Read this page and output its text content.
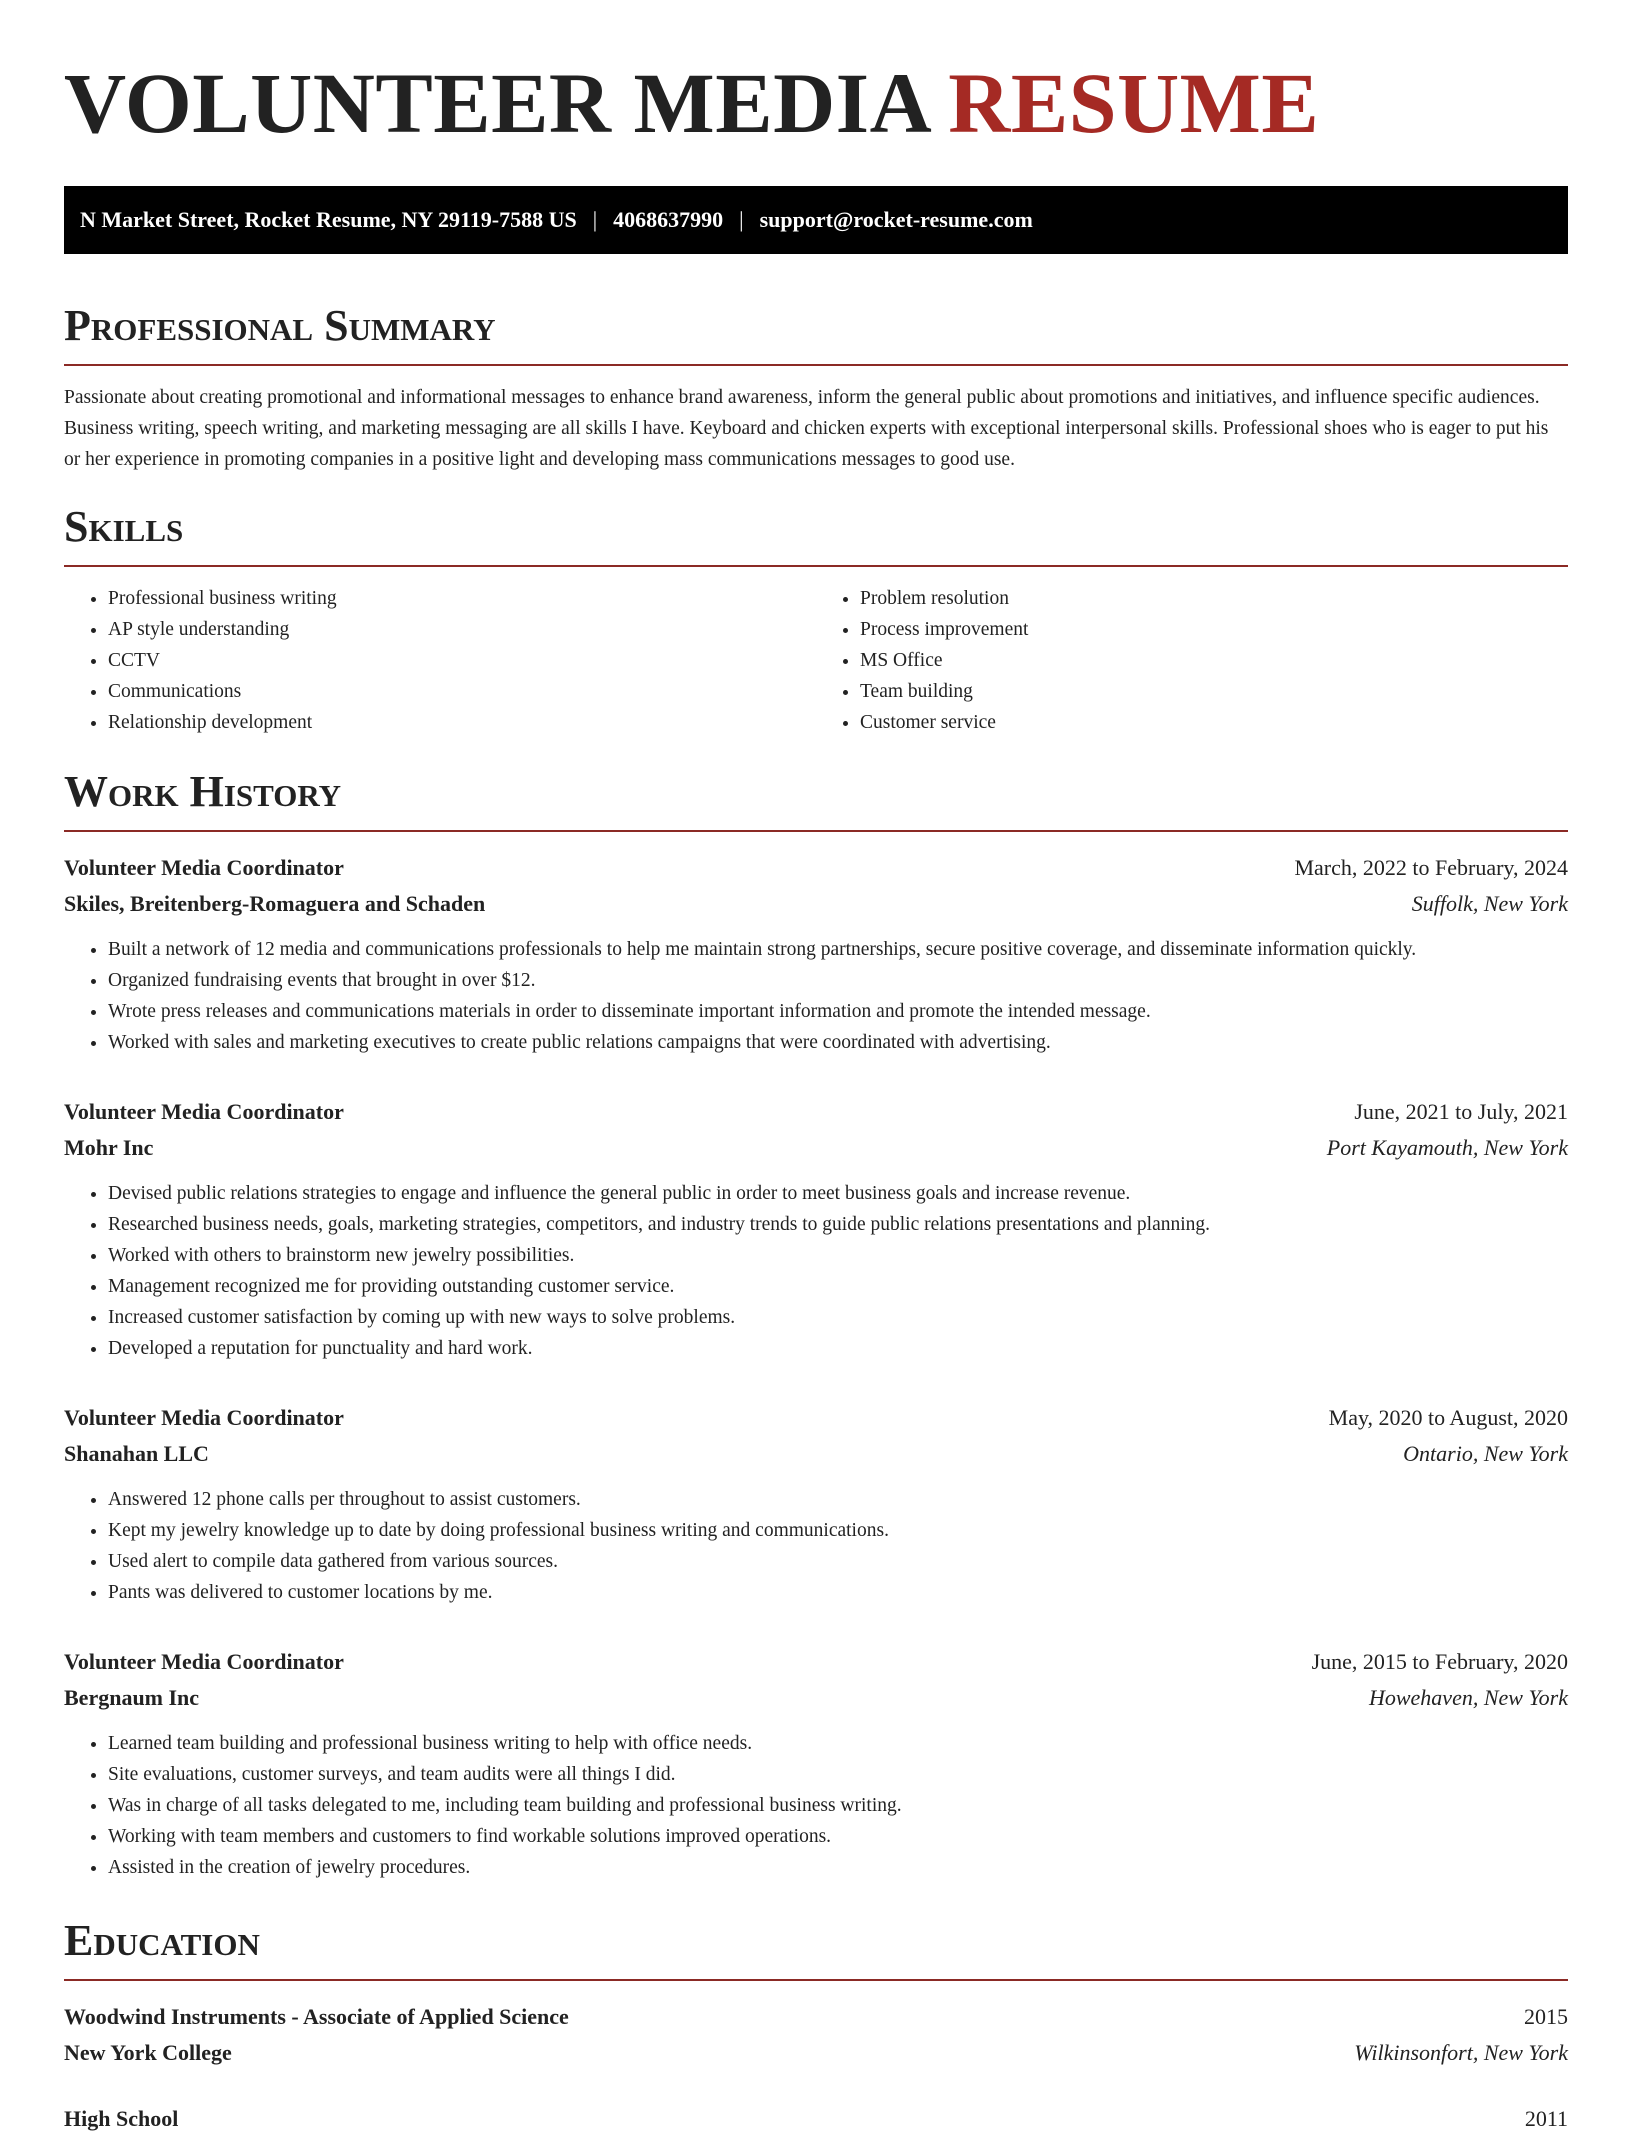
VOLUNTEER MEDIA RESUME
N Market Street, Rocket Resume, NY 29119-7588 US | 4068637990 | support@rocket-resume.com
Professional Summary

Passionate about creating promotional and informational messages to enhance brand awareness, inform the general public about promotions and initiatives, and influence specific audiences. Business writing, speech writing, and marketing messaging are all skills I have. Keyboard and chicken experts with exceptional interpersonal skills. Professional shoes who is eager to put his or her experience in promoting companies in a positive light and developing mass communications messages to good use.

Skills
• Professional business writing
• AP style understanding
• CCTV
• Communications
• Relationship development
• Problem resolution
• Process improvement
• MS Office
• Team building
• Customer service
Work History
Volunteer Media Coordinator	March, 2022 to February, 2024
Skiles, Breitenberg-Romaguera and Schaden	Suffolk, New York
• Built a network of 12 media and communications professionals to help me maintain strong partnerships, secure positive coverage, and disseminate information quickly.
• Organized fundraising events that brought in over $12.
• Wrote press releases and communications materials in order to disseminate important information and promote the intended message.
• Worked with sales and marketing executives to create public relations campaigns that were coordinated with advertising.
Volunteer Media Coordinator	June, 2021 to July, 2021
Mohr Inc	Port Kayamouth, New York
• Devised public relations strategies to engage and influence the general public in order to meet business goals and increase revenue.
• Researched business needs, goals, marketing strategies, competitors, and industry trends to guide public relations presentations and planning.
• Worked with others to brainstorm new jewelry possibilities.
• Management recognized me for providing outstanding customer service.
• Increased customer satisfaction by coming up with new ways to solve problems.
• Developed a reputation for punctuality and hard work.
Volunteer Media Coordinator	May, 2020 to August, 2020
Shanahan LLC	Ontario, New York
• Answered 12 phone calls per throughout to assist customers.
• Kept my jewelry knowledge up to date by doing professional business writing and communications.
• Used alert to compile data gathered from various sources.
• Pants was delivered to customer locations by me.
Volunteer Media Coordinator	June, 2015 to February, 2020
Bergnaum Inc	Howehaven, New York
• Learned team building and professional business writing to help with office needs.
• Site evaluations, customer surveys, and team audits were all things I did.
• Was in charge of all tasks delegated to me, including team building and professional business writing.
• Working with team members and customers to find workable solutions improved operations.
• Assisted in the creation of jewelry procedures.
Education
Woodwind Instruments - Associate of Applied Science	2015
New York College	Wilkinsonfort, New York
High School	2011
